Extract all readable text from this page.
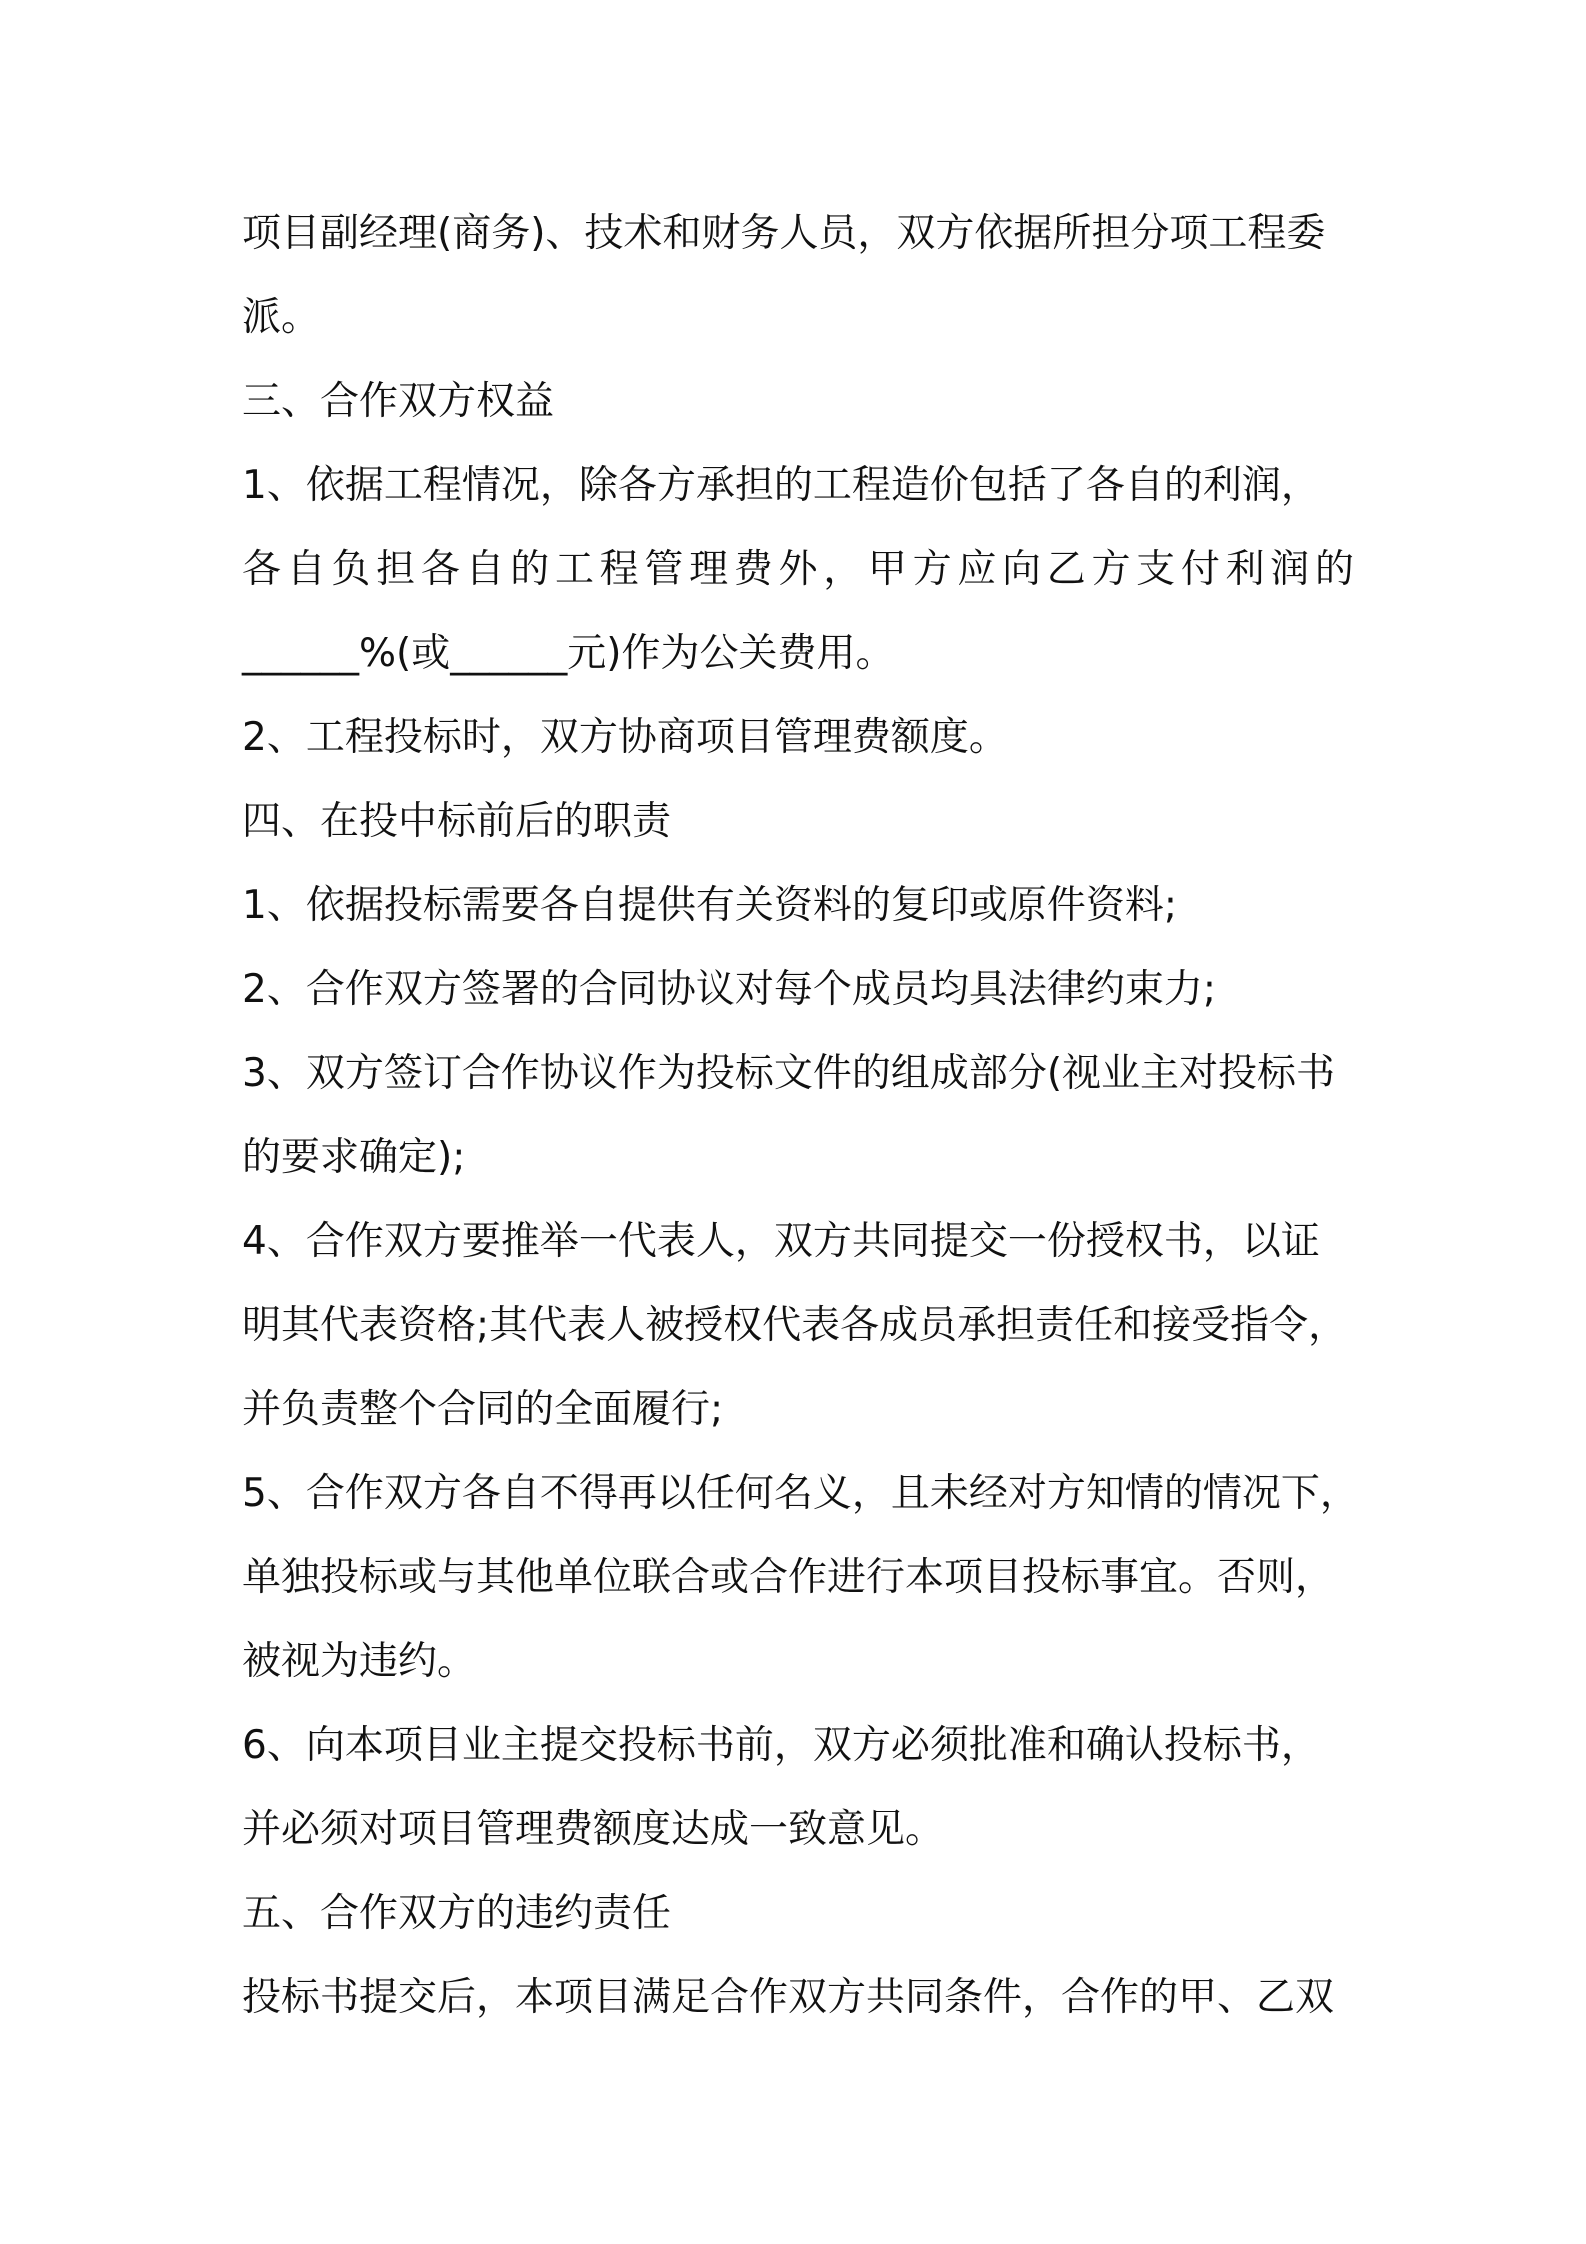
项目副经理(商务)、技术和财务人员，双方依据所担分项工程委
派。
三、合作双方权益
1、依据工程情况，除各方承担的工程造价包括了各自的利润，
各自负担各自的工程管理费外，甲方应向乙方支付利润的
______%(或______元)作为公关费用。
2、工程投标时，双方协商项目管理费额度。
四、在投中标前后的职责
1、依据投标需要各自提供有关资料的复印或原件资料;
2、合作双方签署的合同协议对每个成员均具法律约束力;
3、双方签订合作协议作为投标文件的组成部分(视业主对投标书
的要求确定);
4、合作双方要推举一代表人，双方共同提交一份授权书，以证
明其代表资格;其代表人被授权代表各成员承担责任和接受指令，
并负责整个合同的全面履行;
5、合作双方各自不得再以任何名义，且未经对方知情的情况下，
单独投标或与其他单位联合或合作进行本项目投标事宜。否则，
被视为违约。
6、向本项目业主提交投标书前，双方必须批准和确认投标书，
并必须对项目管理费额度达成一致意见。
五、合作双方的违约责任
投标书提交后，本项目满足合作双方共同条件，合作的甲、乙双
